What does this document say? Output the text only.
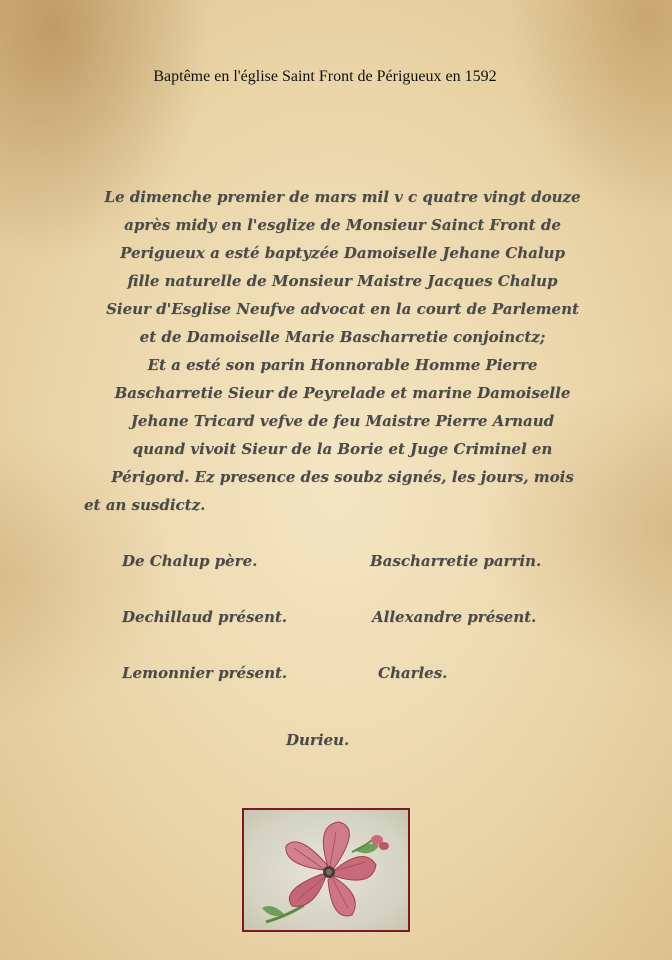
Baptême en l'église Saint Front de Périgueux en 1592
Le dimenche premier de mars mil v c quatre vingt douze
après midy en l'esglize de Monsieur Sainct Front de
Perigueux a esté baptyzée Damoiselle Jehane Chalup
fille naturelle de Monsieur Maistre Jacques Chalup
Sieur d'Esglise Neufve advocat en la court de Parlement
et de Damoiselle Marie Bascharretie conjoinctz;
Et a esté son parin Honnorable Homme Pierre
Bascharretie Sieur de Peyrelade et marine Damoiselle
Jehane Tricard vefve de feu Maistre Pierre Arnaud
quand vivoit Sieur de la Borie et Juge Criminel en
Périgord. Ez presence des soubz signés, les jours, mois
et an susdictz.
De Chalup père.	Bascharretie parrin.
Dechillaud présent.	Allexandre présent.
Lemonnier présent.	Charles.
Durieu.
